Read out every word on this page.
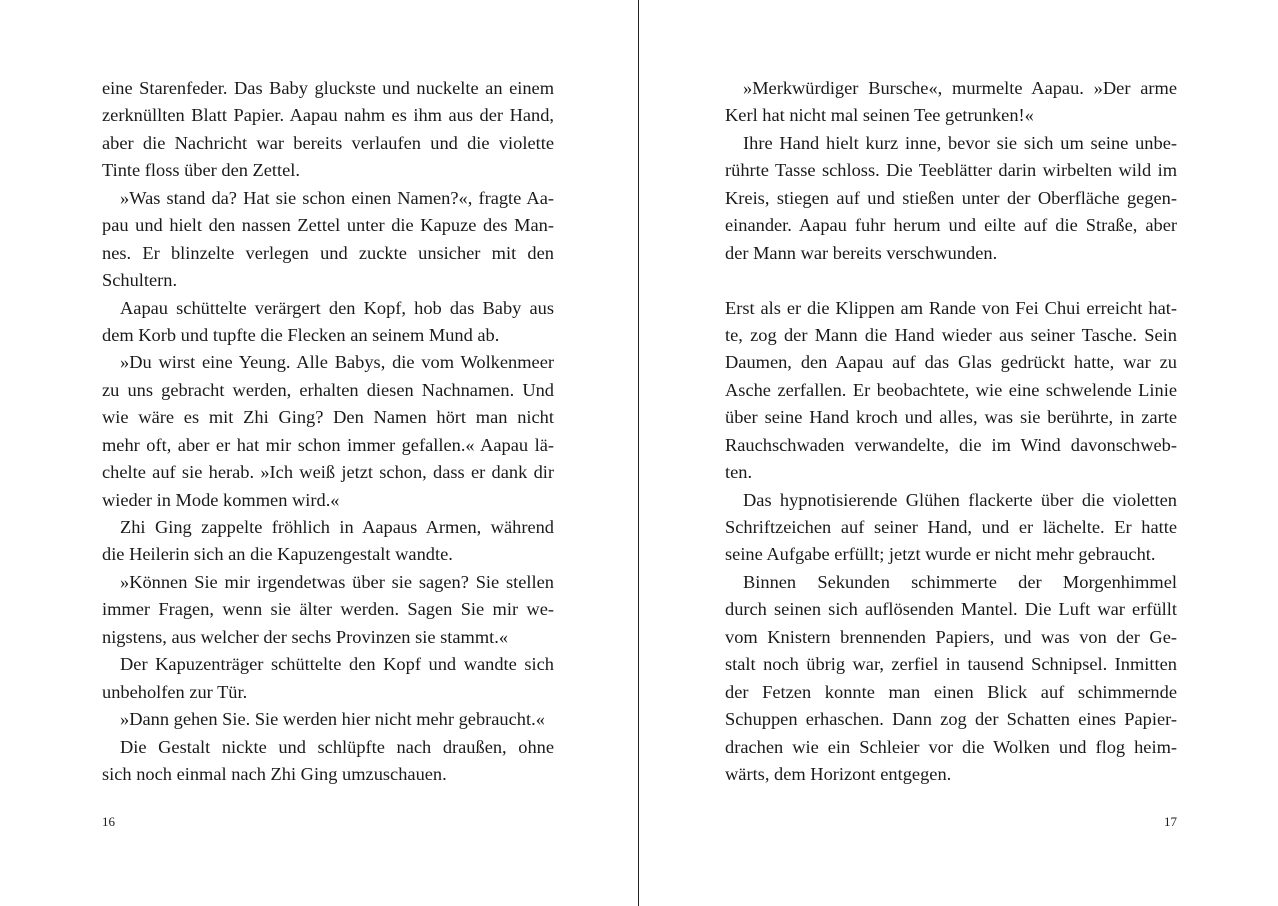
eine Starenfeder. Das Baby gluckste und nuckelte an einem
zerknüllten Blatt Papier. Aapau nahm es ihm aus der Hand,
aber die Nachricht war bereits verlaufen und die violette
Tinte floss über den Zettel.
»Was stand da? Hat sie schon einen Namen?«, fragte Aa-
pau und hielt den nassen Zettel unter die Kapuze des Man-
nes. Er blinzelte verlegen und zuckte unsicher mit den
Schultern.
Aapau schüttelte verärgert den Kopf, hob das Baby aus
dem Korb und tupfte die Flecken an seinem Mund ab.
»Du wirst eine Yeung. Alle Babys, die vom Wolkenmeer
zu uns gebracht werden, erhalten diesen Nachnamen. Und
wie wäre es mit Zhi Ging? Den Namen hört man nicht
mehr oft, aber er hat mir schon immer gefallen.« Aapau lä-
chelte auf sie herab. »Ich weiß jetzt schon, dass er dank dir
wieder in Mode kommen wird.«
Zhi Ging zappelte fröhlich in Aapaus Armen, während
die Heilerin sich an die Kapuzengestalt wandte.
»Können Sie mir irgendetwas über sie sagen? Sie stellen
immer Fragen, wenn sie älter werden. Sagen Sie mir we-
nigstens, aus welcher der sechs Provinzen sie stammt.«
Der Kapuzenträger schüttelte den Kopf und wandte sich
unbeholfen zur Tür.
»Dann gehen Sie. Sie werden hier nicht mehr gebraucht.«
Die Gestalt nickte und schlüpfte nach draußen, ohne
sich noch einmal nach Zhi Ging umzuschauen.
»Merkwürdiger Bursche«, murmelte Aapau. »Der arme
Kerl hat nicht mal seinen Tee getrunken!«
Ihre Hand hielt kurz inne, bevor sie sich um seine unbe-
rührte Tasse schloss. Die Teeblätter darin wirbelten wild im
Kreis, stiegen auf und stießen unter der Oberfläche gegen-
einander. Aapau fuhr herum und eilte auf die Straße, aber
der Mann war bereits verschwunden.
Erst als er die Klippen am Rande von Fei Chui erreicht hat-
te, zog der Mann die Hand wieder aus seiner Tasche. Sein
Daumen, den Aapau auf das Glas gedrückt hatte, war zu
Asche zerfallen. Er beobachtete, wie eine schwelende Linie
über seine Hand kroch und alles, was sie berührte, in zarte
Rauchschwaden verwandelte, die im Wind davonschweb-
ten.
Das hypnotisierende Glühen flackerte über die violetten
Schriftzeichen auf seiner Hand, und er lächelte. Er hatte
seine Aufgabe erfüllt; jetzt wurde er nicht mehr gebraucht.
Binnen Sekunden schimmerte der Morgenhimmel
durch seinen sich auflösenden Mantel. Die Luft war erfüllt
vom Knistern brennenden Papiers, und was von der Ge-
stalt noch übrig war, zerfiel in tausend Schnipsel. Inmitten
der Fetzen konnte man einen Blick auf schimmernde
Schuppen erhaschen. Dann zog der Schatten eines Papier-
drachen wie ein Schleier vor die Wolken und flog heim-
wärts, dem Horizont entgegen.
16	17
